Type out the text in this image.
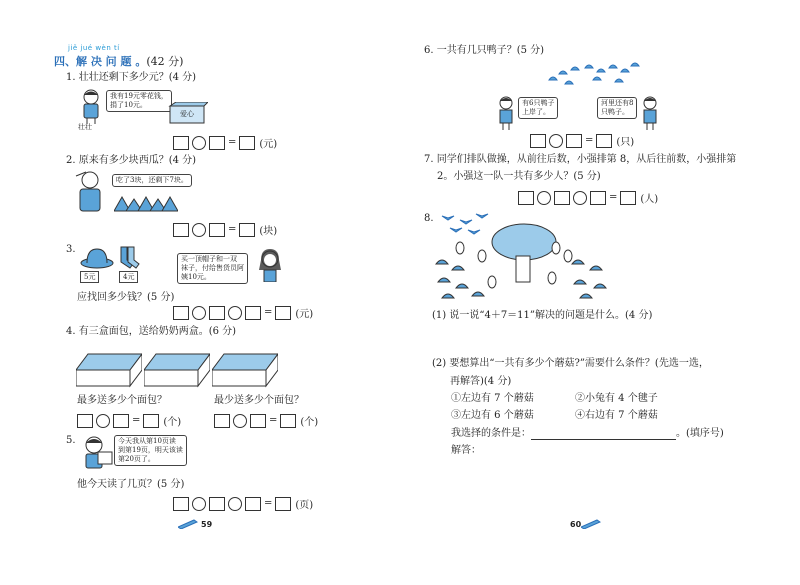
jiě jué wèn tí
四、解 决 问 题 。(42 分)
1. 壮壮还剩下多少元？(4 分)
壮壮
我有19元零花钱，
捐了10元。
爱心
= (元)
2. 原来有多少块西瓜？(4 分)
吃了3块，还剩下7块。
= (块)
3.
5元	4元
买一顶帽子和一双
袜子，付给售货员阿
姨10元。
应找回多少钱？(5 分)
= (元)
4. 有三盒面包，送给奶奶两盒。(6 分)
最多送多少个面包？	最少送多少个面包？
= (个)	= (个)
5.	今天我从第10页读
到第19页，明天该读
第20页了。
他今天读了几页？(5 分)
= (页)
59
6. 一共有几只鸭子？(5 分)
有6只鸭子
上岸了。
河里还有8
只鸭子。
= (只)
7. 同学们排队做操，从前往后数，小强排第 8，从后往前数，小强排第
2。小强这一队一共有多少人？(5 分)
= (人)
8.
(1) 说一说“4＋7＝11”解决的问题是什么。(4 分)
(2) 要想算出“一共有多少个蘑菇?”需要什么条件？(先选一选，
再解答)(4 分)
①左边有 7 个蘑菇	②小兔有 4 个毽子
③左边有 6 个蘑菇	④右边有 7 个蘑菇
我选择的条件是：	。(填序号)
解答：
60
